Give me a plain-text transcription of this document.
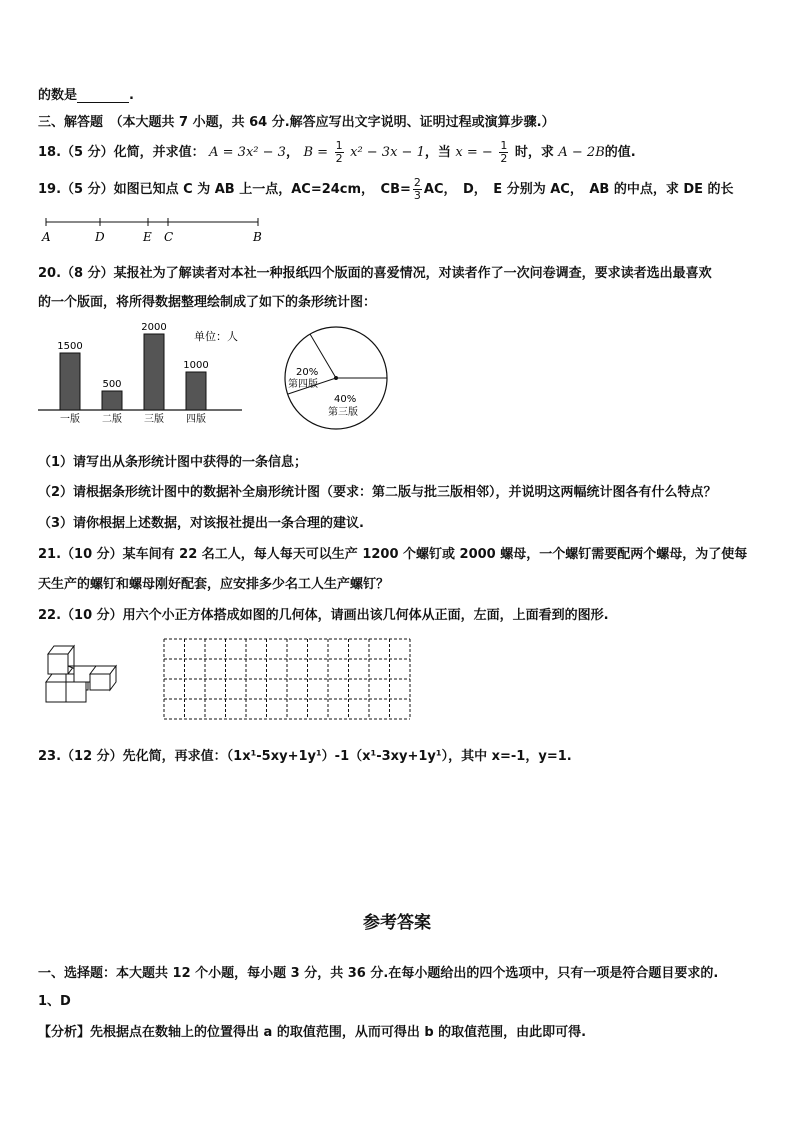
的数是	.
三、解答题　（本大题共 7 小题，共 64 分.解答应写出文字说明、证明过程或演算步骤.）
18.（5 分）化简，并求值： A = 3x² − 3， $B = \frac{1}{2} x^2 - 3x - 1$，当 x = − $\frac{1}{2}$ 时，求 A − 2B的值.
19.（5 分）如图已知点 C 为 AB 上一点，AC=24cm，　$CB= \frac{2}{3}$ AC，　D，　E 分别为 AC，　AB 的中点，求 DE 的长
A	D	E C	B
20.（8 分）某报社为了解读者对本社一种报纸四个版面的喜爱情况，对读者作了一次问卷调查，要求读者选出最喜欢
的一个版面，将所得数据整理绘制成了如下的条形统计图：
单位：人
1500
一版
500
二版
2000
三版
1000
四版
20%
第四版
40%
第三版
（1）请写出从条形统计图中获得的一条信息；
（2）请根据条形统计图中的数据补全扇形统计图（要求：第二版与批三版相邻），并说明这两幅统计图各有什么特点？
（3）请你根据上述数据，对该报社提出一条合理的建议.
21.（10 分）某车间有 22 名工人，每人每天可以生产 1200 个螺钉或 2000 螺母，一个螺钉需要配两个螺母，为了使每
天生产的螺钉和螺母刚好配套，应安排多少名工人生产螺钉？
22.（10 分）用六个小正方体搭成如图的几何体，请画出该几何体从正面，左面，上面看到的图形.
23.（12 分）先化简，再求值：（1x¹-5xy+1y¹）-1（x¹-3xy+1y¹），其中 x=-1，y=1.
参考答案
一、选择题：本大题共 12 个小题，每小题 3 分，共 36 分.在每小题给出的四个选项中，只有一项是符合题目要求的.
1、D
【分析】先根据点在数轴上的位置得出 a 的取值范围，从而可得出 b 的取值范围，由此即可得.
